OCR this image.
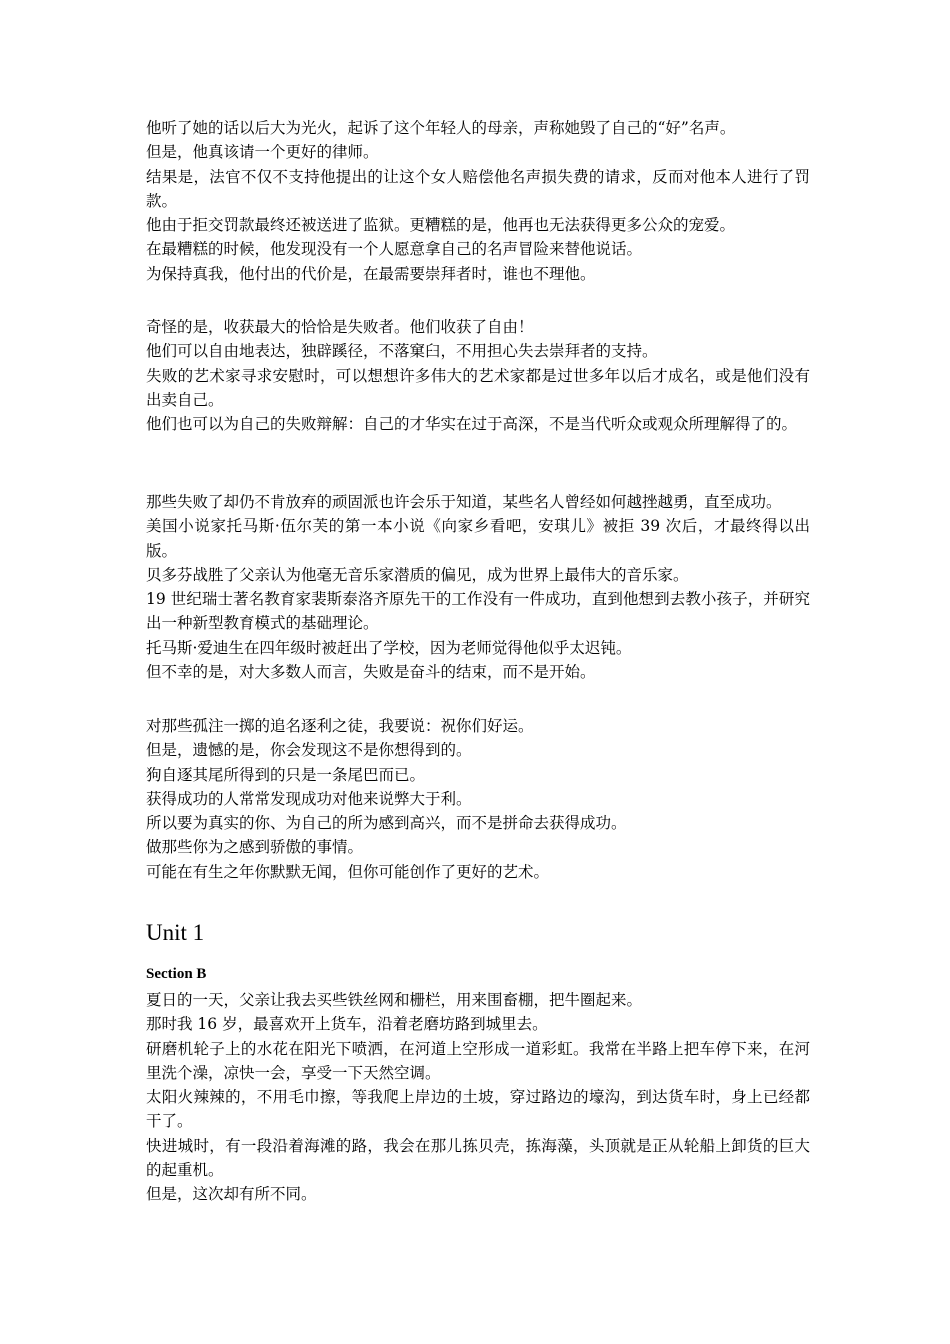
他听了她的话以后大为光火，起诉了这个年轻人的母亲，声称她毁了自己的“好”名声。

但是，他真该请一个更好的律师。

结果是，法官不仅不支持他提出的让这个女人赔偿他名声损失费的请求，反而对他本人进行了罚款。

他由于拒交罚款最终还被送进了监狱。更糟糕的是，他再也无法获得更多公众的宠爱。

在最糟糕的时候，他发现没有一个人愿意拿自己的名声冒险来替他说话。

为保持真我，他付出的代价是，在最需要崇拜者时，谁也不理他。

奇怪的是，收获最大的恰恰是失败者。他们收获了自由！

他们可以自由地表达，独辟蹊径，不落窠臼，不用担心失去崇拜者的支持。

失败的艺术家寻求安慰时，可以想想许多伟大的艺术家都是过世多年以后才成名，或是他们没有出卖自己。

他们也可以为自己的失败辩解：自己的才华实在过于高深，不是当代听众或观众所理解得了的。

那些失败了却仍不肯放弃的顽固派也许会乐于知道，某些名人曾经如何越挫越勇，直至成功。

美国小说家托马斯·伍尔芙的第一本小说《向家乡看吧，安琪儿》被拒 39 次后，才最终得以出版。

贝多芬战胜了父亲认为他毫无音乐家潜质的偏见，成为世界上最伟大的音乐家。

19 世纪瑞士著名教育家裴斯泰洛齐原先干的工作没有一件成功，直到他想到去教小孩子，并研究出一种新型教育模式的基础理论。

托马斯·爱迪生在四年级时被赶出了学校，因为老师觉得他似乎太迟钝。

但不幸的是，对大多数人而言，失败是奋斗的结束，而不是开始。

对那些孤注一掷的追名逐利之徒，我要说：祝你们好运。

但是，遗憾的是，你会发现这不是你想得到的。

狗自逐其尾所得到的只是一条尾巴而已。

获得成功的人常常发现成功对他来说弊大于利。

所以要为真实的你、为自己的所为感到高兴，而不是拼命去获得成功。

做那些你为之感到骄傲的事情。

可能在有生之年你默默无闻，但你可能创作了更好的艺术。

Unit 1
Section B

夏日的一天，父亲让我去买些铁丝网和栅栏，用来围畜棚，把牛圈起来。

那时我 16 岁，最喜欢开上货车，沿着老磨坊路到城里去。

研磨机轮子上的水花在阳光下喷洒，在河道上空形成一道彩虹。我常在半路上把车停下来，在河里洗个澡，凉快一会，享受一下天然空调。

太阳火辣辣的，不用毛巾擦，等我爬上岸边的土坡，穿过路边的壕沟，到达货车时，身上已经都干了。

快进城时，有一段沿着海滩的路，我会在那儿拣贝壳，拣海藻，头顶就是正从轮船上卸货的巨大的起重机。

但是，这次却有所不同。
